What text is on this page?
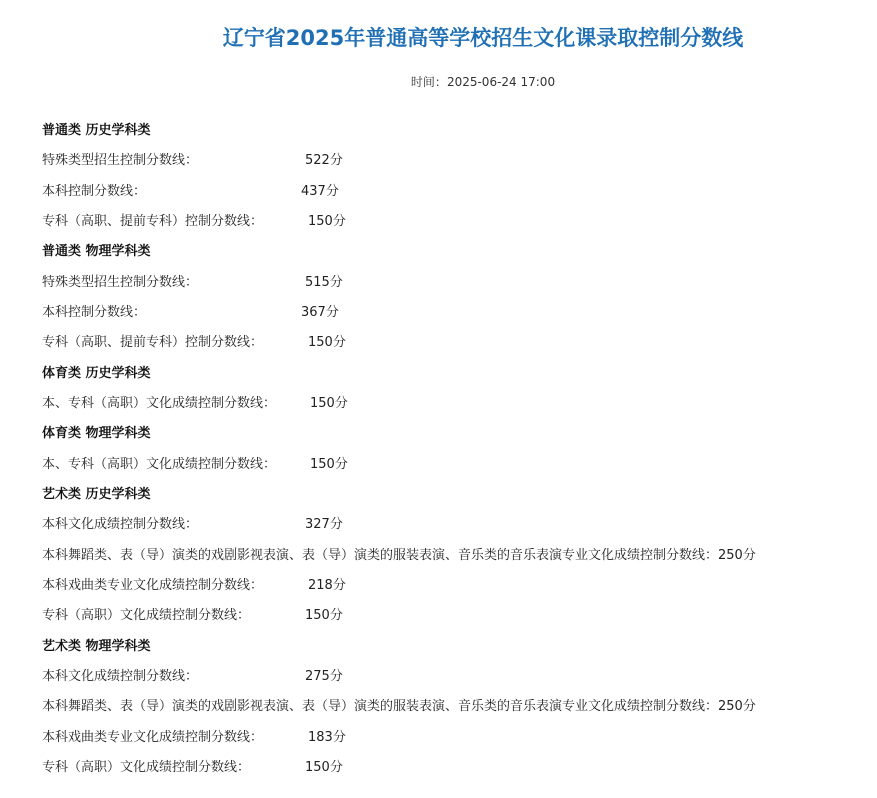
辽宁省2025年普通高等学校招生文化课录取控制分数线
时间：2025-06-24 17:00
普通类 历史学科类
特殊类型招生控制分数线：	522分
本科控制分数线：	437分
专科（高职、提前专科）控制分数线：	150分
普通类 物理学科类
特殊类型招生控制分数线：	515分
本科控制分数线：	367分
专科（高职、提前专科）控制分数线：	150分
体育类 历史学科类
本、专科（高职）文化成绩控制分数线：	150分
体育类 物理学科类
本、专科（高职）文化成绩控制分数线：	150分
艺术类 历史学科类
本科文化成绩控制分数线：	327分
本科舞蹈类、表（导）演类的戏剧影视表演、表（导）演类的服装表演、音乐类的音乐表演专业文化成绩控制分数线：250分
本科戏曲类专业文化成绩控制分数线：	218分
专科（高职）文化成绩控制分数线：	150分
艺术类 物理学科类
本科文化成绩控制分数线：	275分
本科舞蹈类、表（导）演类的戏剧影视表演、表（导）演类的服装表演、音乐类的音乐表演专业文化成绩控制分数线：250分
本科戏曲类专业文化成绩控制分数线：	183分
专科（高职）文化成绩控制分数线：	150分
